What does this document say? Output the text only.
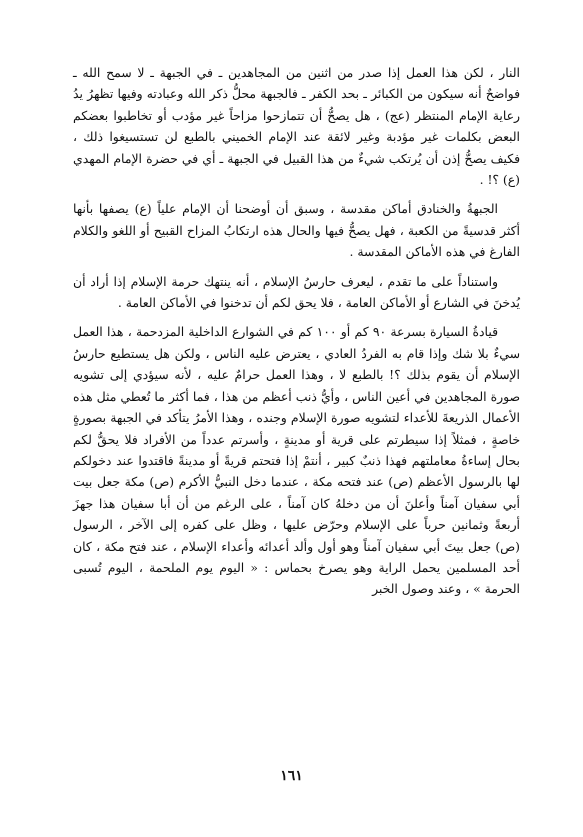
النار ، لكن هذا العمل إذا صدر من اثنين من المجاهدين ـ في الجبهة ـ لا سمح الله ـ فواضحٌ أنه سيكون من الكبائر ـ بحد الكفر ـ فالجبهة محلُّ ذكر الله وعبادته وفيها تظهرُ يدُ رعاية الإمام المنتظر (عج) ، هل يصحُّ أن تتمازحوا مزاحاً غير مؤدب أو تخاطبوا بعضكم البعض بكلمات غير مؤدبة وغير لائقة عند الإمام الخميني بالطبع لن تستسيغوا ذلك ، فكيف يصحُّ إذن أن يُرتكب شيءٌ من هذا القبيل في الجبهة ـ أي في حضرة الإمام المهدي (ع) ؟! .

الجبهةُ والخنادق أماكن مقدسة ، وسبق أن أوضحنا أن الإمام علياً (ع) يصفها بأنها أكثر قدسيةً من الكعبة ، فهل يصحُّ فيها والحال هذه ارتكابُ المزاح القبيح أو اللغو والكلام الفارغ في هذه الأماكن المقدسة .

واستناداً على ما تقدم ، ليعرف حارسُ الإسلام ، أنه ينتهك حرمة الإسلام إذا أراد أن يُدخنَ في الشارع أو الأماكن العامة ، فلا يحق لكم أن تدخنوا في الأماكن العامة .

قيادةُ السيارة بسرعة ٩٠ كم أو ١٠٠ كم في الشوارع الداخلية المزدحمة ، هذا العمل سيءٌ بلا شك وإذا قام به الفردُ العادي ، يعترض عليه الناس ، ولكن هل يستطيع حارسُ الإسلام أن يقوم بذلك ؟! بالطبع لا ، وهذا العمل حرامٌ عليه ، لأنه سيؤدي إلى تشويه صورة المجاهدين في أعين الناس ، وأيُّ ذنب أعظم من هذا ، فما أكثر ما تُعطي مثل هذه الأعمال الذريعةَ للأعداء لتشويه صورة الإسلام وجنده ، وهذا الأمرُ يتأكد في الجبهة بصورةٍ خاصةٍ ، فمثلاً إذا سيطرتم على قرية أو مدينةٍ ، وأسرتم عدداً من الأفراد فلا يحقُّ لكم بحال إساءةُ معاملتهم فهذا ذنبٌ كبير ، أنتمْ إذا فتحتم قريةً أو مدينةً فاقتدوا عند دخولكم لها بالرسول الأعظم (ص) عند فتحه مكة ، عندما دخل النبيُّ الأكرم (ص) مكة جعل بيت أبي سفيان آمناً وأعلنَ أن من دخلهُ كان آمناً ، على الرغم من أن أبا سفيان هذا جهزَ أربعةً وثمانين حرباً على الإسلام وحرّض عليها ، وظل على كفره إلى الآخر ، الرسول (ص) جعل بيتَ أبي سفيان آمناً وهو أول وألد أعدائه وأعداء الإسلام ، عند فتح مكة ، كان أحد المسلمين يحمل الراية وهو يصرخ بحماس : « اليوم يوم الملحمة ، اليوم تُسبى الحرمة » ، وعند وصول الخبر

١٦١
